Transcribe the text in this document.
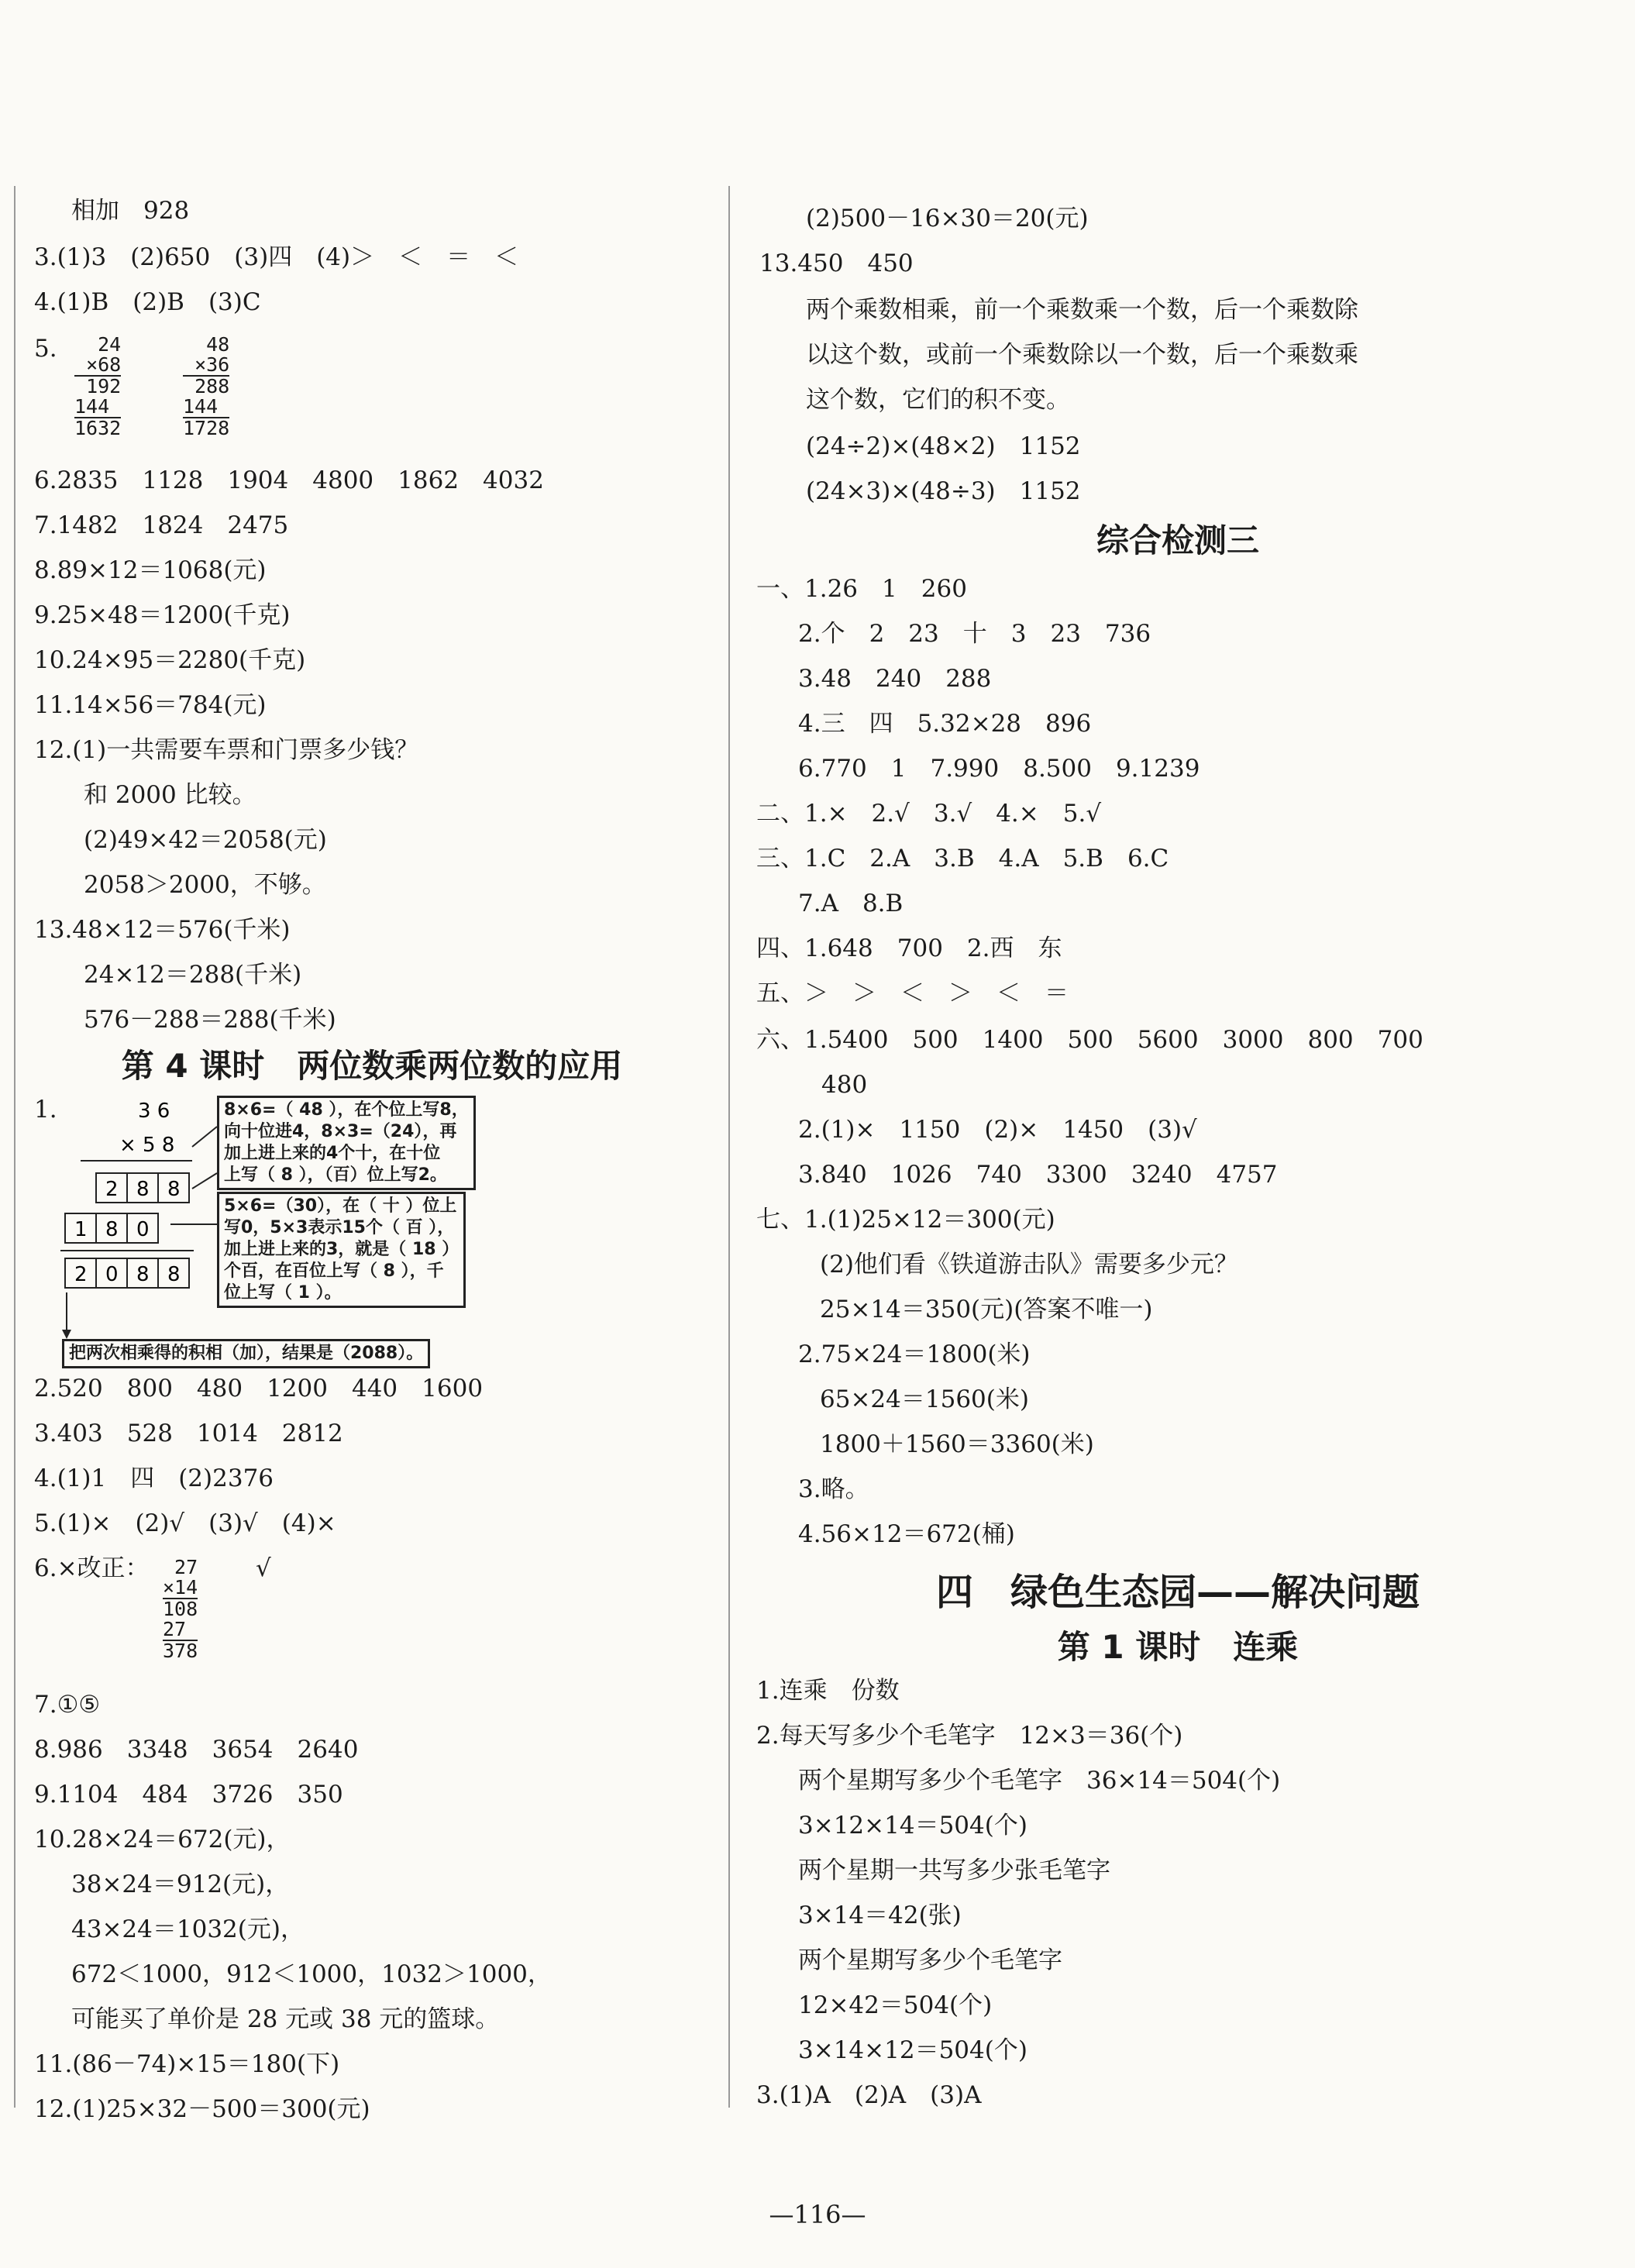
相加　928
3.(1)3　(2)650　(3)四　(4)＞　＜　＝　＜
4.(1)B　(2)B　(3)C
5.	24
×68
192
144
1632
48
×36
288
144
1728
6.2835　1128　1904　4800　1862　4032
7.1482　1824　2475
8.89×12＝1068(元)
9.25×48＝1200(千克)
10.24×95＝2280(千克)
11.14×56＝784(元)
12.(1)一共需要车票和门票多少钱？
和 2000 比较。
(2)49×42＝2058(元)
2058＞2000，不够。
13.48×12＝576(千米)
24×12＝288(千米)
576－288＝288(千米)
第 4 课时　两位数乘两位数的应用
1.	3 6
× 5 8
2 8 8
1 8 0
2 0 8 8
8×6=（ 48 ），在个位上写8，
向十位进4，8×3=（24），再
加上进上来的4个十，在十位
上写（ 8 ），（百）位上写2。
5×6=（30），在（ 十 ）位上
写0，5×3表示15个（ 百 ），
加上进上来的3，就是（ 18 ）
个百，在百位上写（ 8 ），千
位上写（ 1 ）。
把两次相乘得的积相（加），结果是（2088）。
2.520　800　480　1200　440　1600
3.403　528　1014　2812
4.(1)1　四　(2)2376
5.(1)×　(2)√　(3)√　(4)×
6.×改正：	√
27
×14
108
27
378
7.①⑤
8.986　3348　3654　2640
9.1104　484　3726　350
10.28×24＝672(元)，
38×24＝912(元)，
43×24＝1032(元)，
672＜1000，912＜1000，1032＞1000，
可能买了单价是 28 元或 38 元的篮球。
11.(86－74)×15＝180(下)
12.(1)25×32－500＝300(元)
(2)500－16×30＝20(元)
13.450　450
两个乘数相乘，前一个乘数乘一个数，后一个乘数除
以这个数，或前一个乘数除以一个数，后一个乘数乘
这个数，它们的积不变。
(24÷2)×(48×2)　1152
(24×3)×(48÷3)　1152
综合检测三
一、1.26　1　260
2.个　2　23　十　3　23　736
3.48　240　288
4.三　四　5.32×28　896
6.770　1　7.990　8.500　9.1239
二、1.×　2.√　3.√　4.×　5.√
三、1.C　2.A　3.B　4.A　5.B　6.C
7.A　8.B
四、1.648　700　2.西　东
五、＞　＞　＜　＞　＜　＝
六、1.5400　500　1400　500　5600　3000　800　700
480
2.(1)×　1150　(2)×　1450　(3)√
3.840　1026　740　3300　3240　4757
七、1.(1)25×12＝300(元)
(2)他们看《铁道游击队》需要多少元？
25×14＝350(元)(答案不唯一)
2.75×24＝1800(米)
65×24＝1560(米)
1800＋1560＝3360(米)
3.略。
4.56×12＝672(桶)
四　绿色生态园——解决问题
第 1 课时　连乘
1.连乘　份数
2.每天写多少个毛笔字　12×3＝36(个)
两个星期写多少个毛笔字　36×14＝504(个)
3×12×14＝504(个)
两个星期一共写多少张毛笔字
3×14＝42(张)
两个星期写多少个毛笔字
12×42＝504(个)
3×14×12＝504(个)
3.(1)A　(2)A　(3)A
—116—
